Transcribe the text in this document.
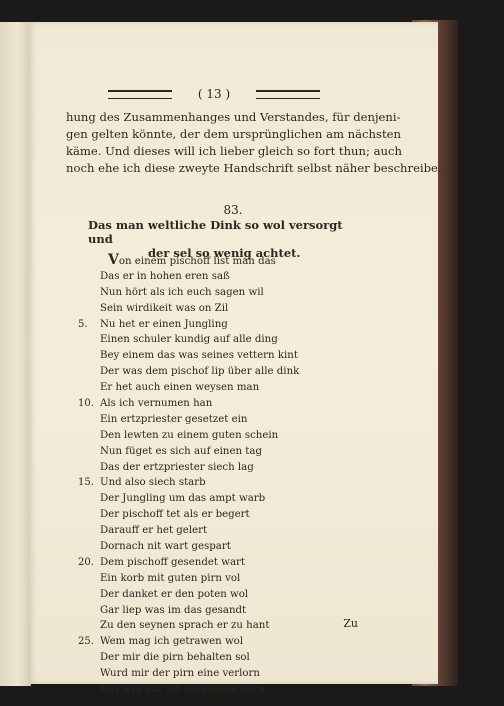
( 13 )
hung des Zusammenhanges und Verstandes, für denjeni-
gen gelten könnte, der dem ursprünglichen am nächsten
käme. Und dieses will ich lieber gleich so fort thun; auch
noch ehe ich diese zweyte Handschrift selbst näher beschreibe.
83.
Das man weltliche Dink so wol versorgt und
der sel so wenig achtet.
Von einem pischoff list man das
Das er in hohen eren saß
Nun hört als ich euch sagen wil
Sein wirdikeit was on Zil
5. Nu het er einen Jungling
Einen schuler kundig auf alle ding
Bey einem das was seines vettern kint
Der was dem pischof lip über alle dink
Er het auch einen weysen man
10. Als ich vernumen han
Ein ertzpriester gesetzet ein
Den lewten zu einem guten schein
Nun füget es sich auf einen tag
Das der ertzpriester siech lag
15. Und also siech starb
Der Jungling um das ampt warb
Der pischoff tet als er begert
Darauff er het gelert
Dornach nit wart gespart
20. Dem pischoff gesendet wart
Ein korb mit guten pirn vol
Der danket er den poten wol
Gar liep was im das gesandt
Zu den seynen sprach er zu hant
25. Wem mag ich getrawen wol
Der mir die pirn behalten sol
Wurd mir der pirn eine verlorn
Das wer mir nit ein cleiner zorn
Zu
